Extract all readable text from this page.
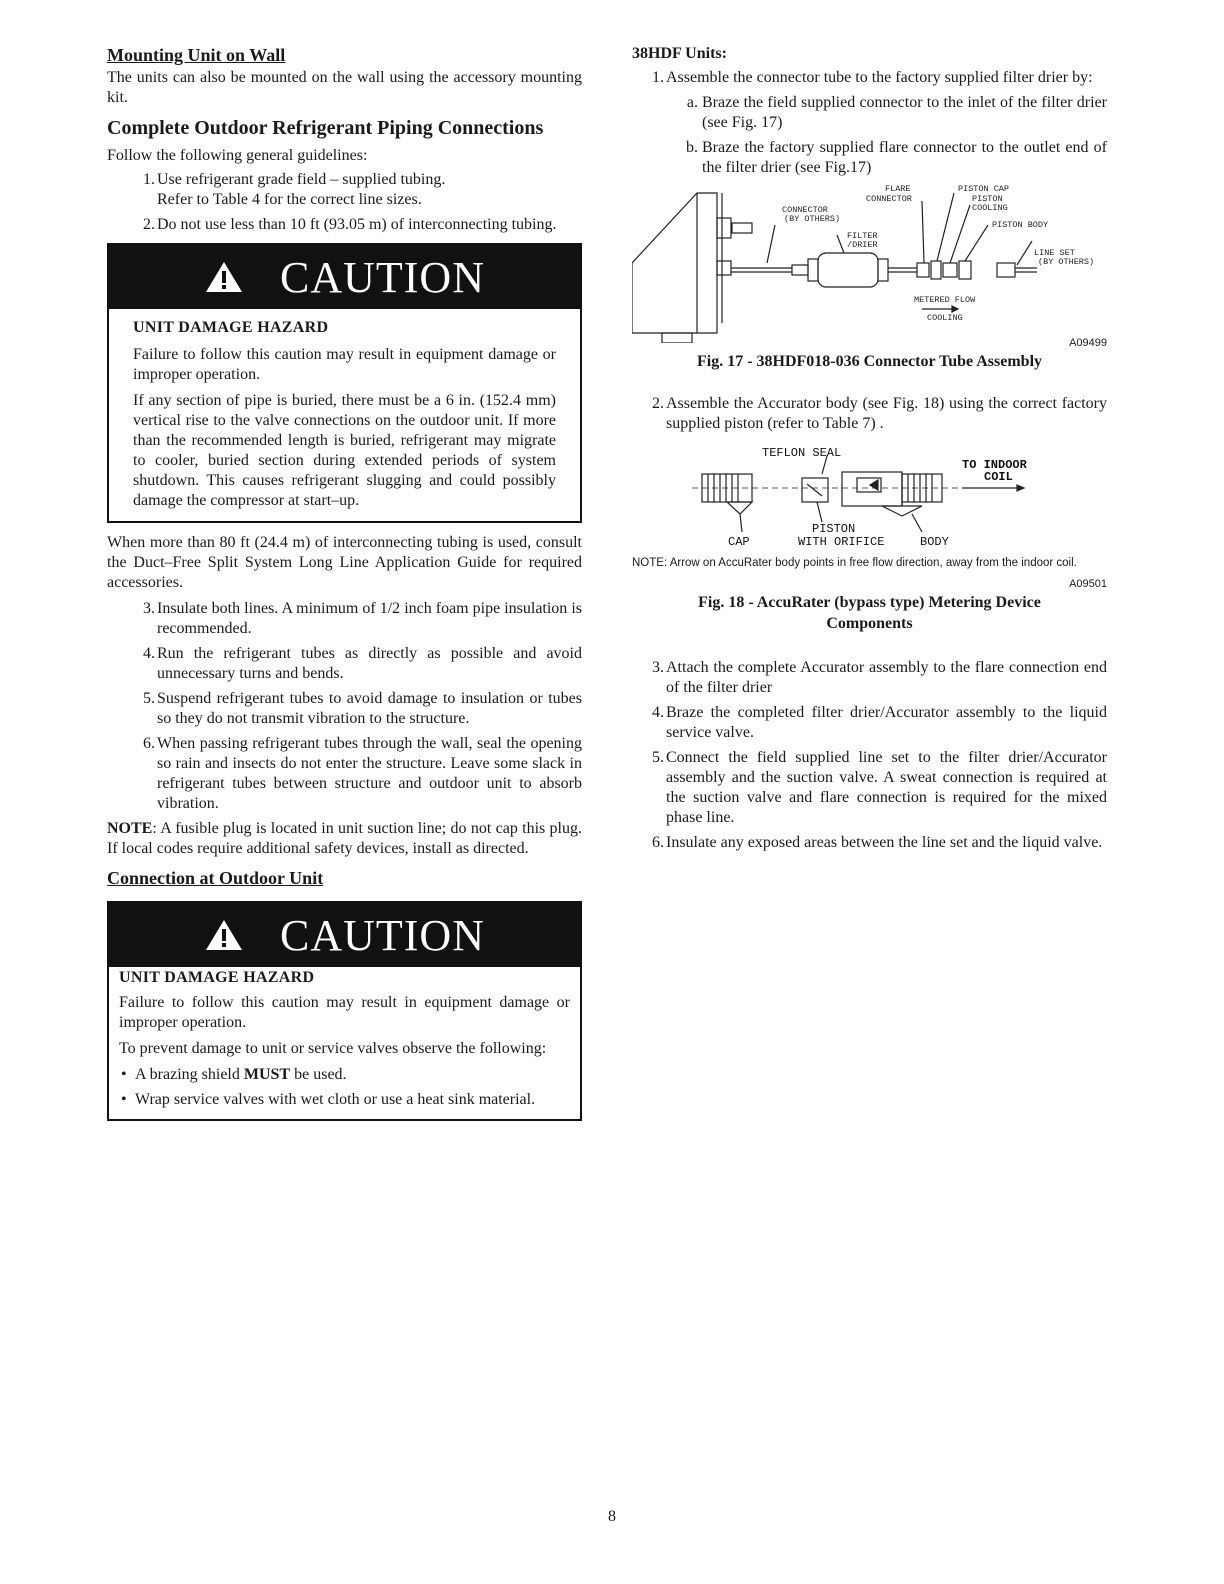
Mounting Unit on Wall

The units can also be mounted on the wall using the accessory mounting kit.

Complete Outdoor Refrigerant Piping Connections

Follow the following general guidelines:

1. Use refrigerant grade field – supplied tubing.
Refer to Table 4 for the correct line sizes.
2. Do not use less than 10 ft (93.05 m) of interconnecting tubing.
CAUTION

UNIT DAMAGE HAZARD

Failure to follow this caution may result in equipment damage or improper operation.

If any section of pipe is buried, there must be a 6 in. (152.4 mm) vertical rise to the valve connections on the outdoor unit. If more than the recommended length is buried, refrigerant may migrate to cooler, buried section during extended periods of system shutdown. This causes refrigerant slugging and could possibly damage the compressor at start–up.

When more than 80 ft (24.4 m) of interconnecting tubing is used, consult the Duct–Free Split System Long Line Application Guide for required accessories.

3. Insulate both lines. A minimum of 1/2 inch foam pipe insulation is recommended.
4. Run the refrigerant tubes as directly as possible and avoid unnecessary turns and bends.
5. Suspend refrigerant tubes to avoid damage to insulation or tubes so they do not transmit vibration to the structure.
6. When passing refrigerant tubes through the wall, seal the opening so rain and insects do not enter the structure. Leave some slack in refrigerant tubes between structure and outdoor unit to absorb vibration.

NOTE: A fusible plug is located in unit suction line; do not cap this plug. If local codes require additional safety devices, install as directed.

Connection at Outdoor Unit

CAUTION

UNIT DAMAGE HAZARD

Failure to follow this caution may result in equipment damage or improper operation.

To prevent damage to unit or service valves observe the following:

• A brazing shield MUST be used.
• Wrap service valves with wet cloth or use a heat sink material.

38HDF Units:

1. Assemble the connector tube to the factory supplied filter drier by:
a. Braze the field supplied connector to the inlet of the filter drier (see Fig. 17)
b. Braze the factory supplied flare connector to the outlet end of the filter drier (see Fig.17)
FLARE
CONNECTOR
PISTON CAP
PISTON
COOLING
CONNECTOR
(BY OTHERS)
PISTON BODY
FILTER
/DRIER
LINE SET
(BY OTHERS)
METERED FLOW
COOLING

A09499

Fig. 17 - 38HDF018-036 Connector Tube Assembly

2. Assemble the Accurator body (see Fig. 18) using the correct factory supplied piston (refer to Table 7) .
TEFLON SEAL
TO INDOOR
COIL
PISTON
WITH ORIFICE
CAP	BODY

NOTE: Arrow on AccuRater body points in free flow direction, away from the indoor coil.

A09501

Fig. 18 - AccuRater (bypass type) Metering Device

Components

3. Attach the complete Accurator assembly to the flare connection end of the filter drier
4. Braze the completed filter drier/Accurator assembly to the liquid service valve.
5. Connect the field supplied line set to the filter drier/Accurator assembly and the suction valve. A sweat connection is required at the suction valve and flare connection is required for the mixed phase line.
6. Insulate any exposed areas between the line set and the liquid valve.
8
